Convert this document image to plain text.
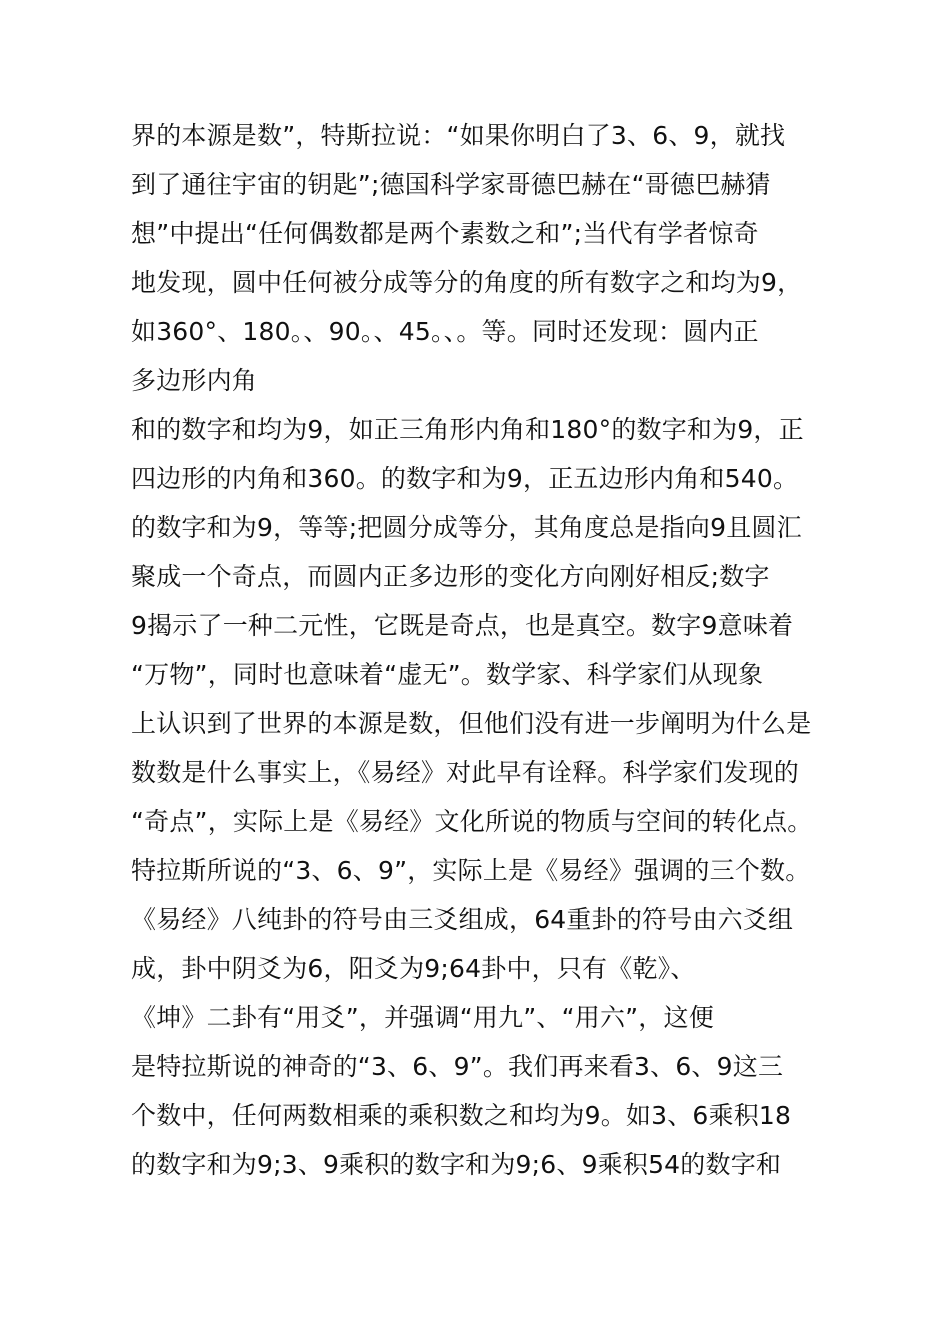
界的本源是数”，特斯拉说：“如果你明白了3、6、9，就找
到了通往宇宙的钥匙”;德国科学家哥德巴赫在“哥德巴赫猜
想”中提出“任何偶数都是两个素数之和”;当代有学者惊奇
地发现，圆中任何被分成等分的角度的所有数字之和均为9，
如360°、180。、90。、45。、。等。同时还发现：圆内正
多边形内角
和的数字和均为9，如正三角形内角和180°的数字和为9，正
四边形的内角和360。的数字和为9，正五边形内角和540。
的数字和为9，等等;把圆分成等分，其角度总是指向9且圆汇
聚成一个奇点，而圆内正多边形的变化方向刚好相反;数字
9揭示了一种二元性，它既是奇点，也是真空。数字9意味着
“万物”，同时也意味着“虚无”。数学家、科学家们从现象
上认识到了世界的本源是数，但他们没有进一步阐明为什么是
数数是什么事实上，《易经》对此早有诠释。科学家们发现的
“奇点”，实际上是《易经》文化所说的物质与空间的转化点。
特拉斯所说的“3、6、9”，实际上是《易经》强调的三个数。
《易经》八纯卦的符号由三爻组成，64重卦的符号由六爻组
成，卦中阴爻为6，阳爻为9;64卦中，只有《乾》、
《坤》二卦有“用爻”，并强调“用九”、“用六”，这便
是特拉斯说的神奇的“3、6、9”。我们再来看3、6、9这三
个数中，任何两数相乘的乘积数之和均为9。如3、6乘积18
的数字和为9;3、9乘积的数字和为9;6、9乘积54的数字和
